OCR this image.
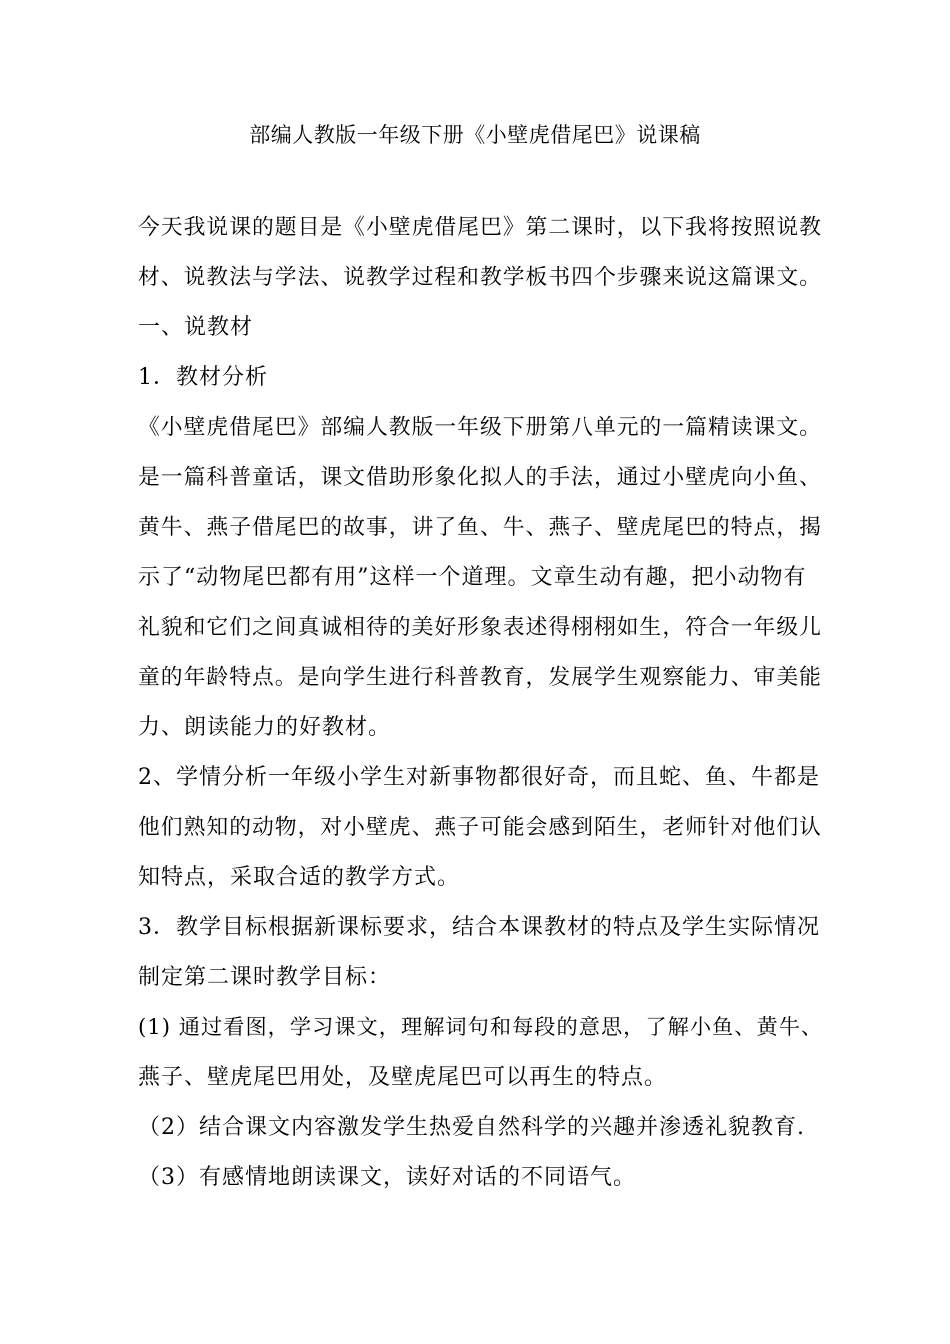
部编人教版一年级下册《小壁虎借尾巴》说课稿
今天我说课的题目是《小壁虎借尾巴》第二课时，以下我将按照说教
材、说教法与学法、说教学过程和教学板书四个步骤来说这篇课文。
一、说教材
1．教材分析
《小壁虎借尾巴》部编人教版一年级下册第八单元的一篇精读课文。
是一篇科普童话，课文借助形象化拟人的手法，通过小壁虎向小鱼、
黄牛、燕子借尾巴的故事，讲了鱼、牛、燕子、壁虎尾巴的特点，揭
示了“动物尾巴都有用”这样一个道理。文章生动有趣，把小动物有
礼貌和它们之间真诚相待的美好形象表述得栩栩如生，符合一年级儿
童的年龄特点。是向学生进行科普教育，发展学生观察能力、审美能
力、朗读能力的好教材。
2、学情分析一年级小学生对新事物都很好奇，而且蛇、鱼、牛都是
他们熟知的动物，对小壁虎、燕子可能会感到陌生，老师针对他们认
知特点，采取合适的教学方式。
3．教学目标根据新课标要求，结合本课教材的特点及学生实际情况
制定第二课时教学目标：
(1) 通过看图，学习课文，理解词句和每段的意思，了解小鱼、黄牛、
燕子、壁虎尾巴用处，及壁虎尾巴可以再生的特点。
（2）结合课文内容激发学生热爱自然科学的兴趣并渗透礼貌教育.
（3）有感情地朗读课文，读好对话的不同语气。
